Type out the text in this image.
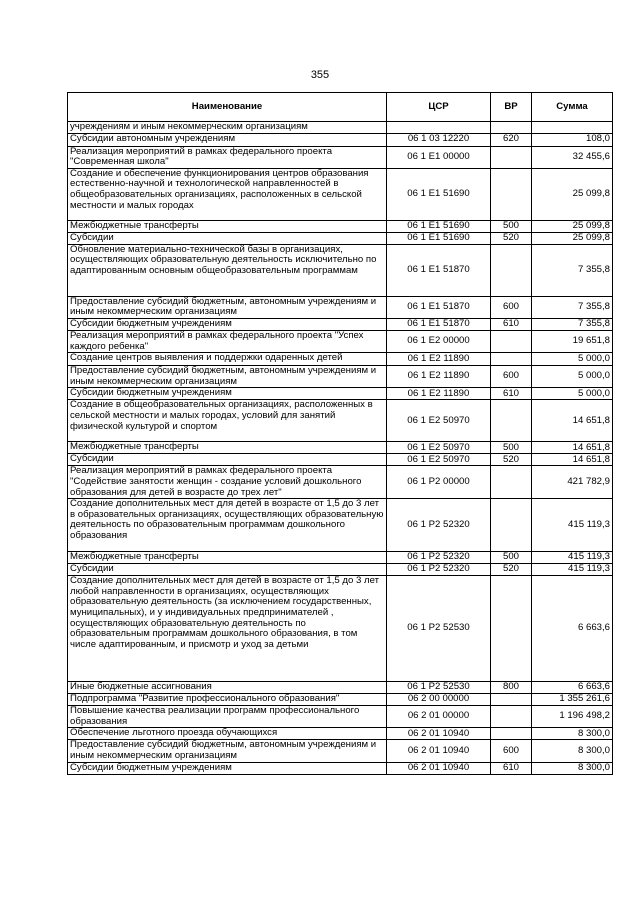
355
Наименование	ЦСР	ВР	Сумма
учреждениям и иным некоммерческим организациям			
Субсидии автономным учреждениям	06 1 03 12220	620	108,0
Реализация мероприятий в рамках федерального проекта "Современная школа"	06 1 E1 00000		32 455,6
Создание и обеспечение функционирования центров образования естественно-научной и технологической направленностей в общеобразовательных организациях, расположенных в сельской местности и малых городах	06 1 E1 51690		25 099,8
Межбюджетные трансферты	06 1 E1 51690	500	25 099,8
Субсидии	06 1 E1 51690	520	25 099,8
Обновление материально-технической базы в организациях, осуществляющих образовательную деятельность исключительно по адаптированным основным общеобразовательным программам	06 1 E1 51870		7 355,8
Предоставление субсидий бюджетным, автономным учреждениям и иным некоммерческим организациям	06 1 E1 51870	600	7 355,8
Субсидии бюджетным учреждениям	06 1 E1 51870	610	7 355,8
Реализация мероприятий в рамках федерального проекта "Успех каждого ребенка"	06 1 E2 00000		19 651,8
Создание центров выявления и поддержки одаренных детей	06 1 E2 11890		5 000,0
Предоставление субсидий бюджетным, автономным учреждениям и иным некоммерческим организациям	06 1 E2 11890	600	5 000,0
Субсидии бюджетным учреждениям	06 1 E2 11890	610	5 000,0
Создание в общеобразовательных организациях, расположенных в сельской местности и малых городах, условий для занятий физической культурой и спортом	06 1 E2 50970		14 651,8
Межбюджетные трансферты	06 1 E2 50970	500	14 651,8
Субсидии	06 1 E2 50970	520	14 651,8
Реализация мероприятий в рамках федерального проекта "Содействие занятости женщин - создание условий дошкольного образования для детей в возрасте до трех лет"	06 1 P2 00000		421 782,9
Создание дополнительных мест для детей в возрасте от 1,5 до 3 лет в образовательных организациях, осуществляющих образовательную деятельность по образовательным программам дошкольного образования	06 1 P2 52320		415 119,3
Межбюджетные трансферты	06 1 P2 52320	500	415 119,3
Субсидии	06 1 P2 52320	520	415 119,3
Создание дополнительных мест для детей в возрасте от 1,5 до 3 лет любой направленности в организациях, осуществляющих образовательную деятельность (за исключением государственных, муниципальных), и у индивидуальных предпринимателей , осуществляющих образовательную деятельность по образовательным программам дошкольного образования, в том числе адаптированным, и присмотр и уход за детьми	06 1 P2 52530		6 663,6
Иные бюджетные ассигнования	06 1 P2 52530	800	6 663,6
Подпрограмма "Развитие профессионального образования"	06 2 00 00000		1 355 261,6
Повышение качества реализации программ профессионального образования	06 2 01 00000		1 196 498,2
Обеспечение льготного проезда обучающихся	06 2 01 10940		8 300,0
Предоставление субсидий бюджетным, автономным учреждениям и иным некоммерческим организациям	06 2 01 10940	600	8 300,0
Субсидии бюджетным учреждениям	06 2 01 10940	610	8 300,0
